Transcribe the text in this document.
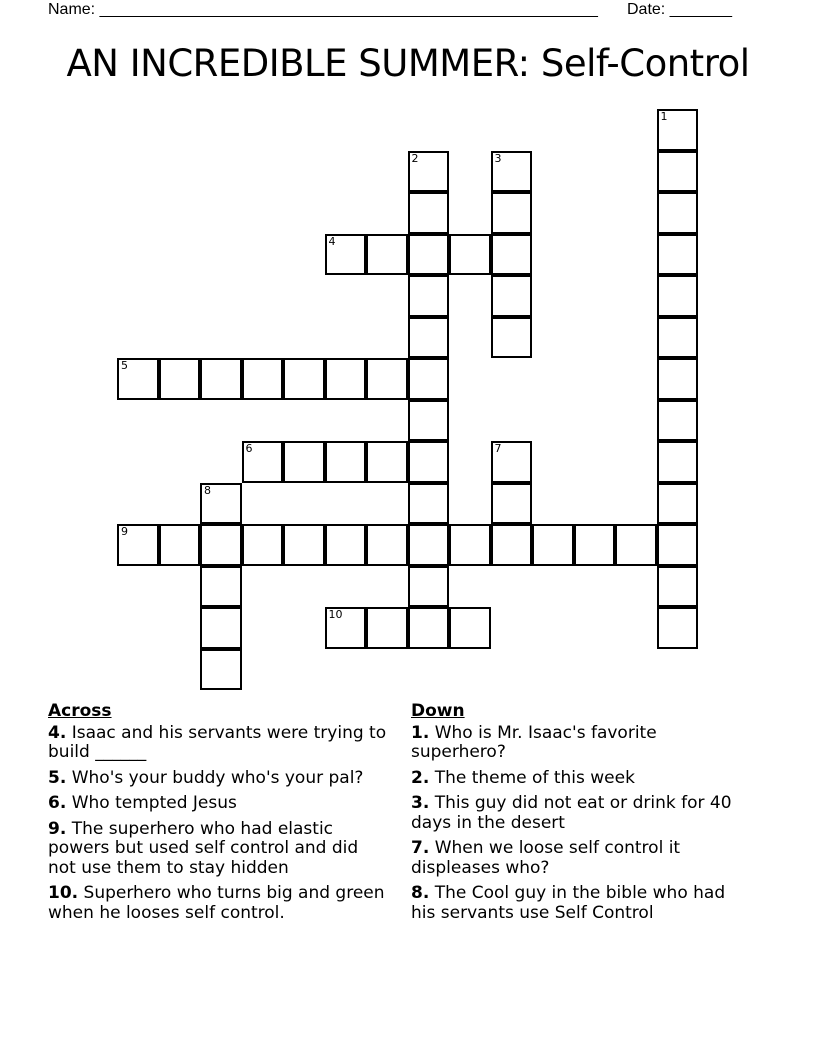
Name: ________________________________________________________ Date: _______
AN INCREDIBLE SUMMER: Self-Control
1
2	3
4
5
6	7
8
9
10
Across
4. Isaac and his servants were trying to build ______
5. Who's your buddy who's your pal?
6. Who tempted Jesus
9. The superhero who had elastic powers but used self control and did not use them to stay hidden
10. Superhero who turns big and green when he looses self control.
Down
1. Who is Mr. Isaac's favorite superhero?
2. The theme of this week
3. This guy did not eat or drink for 40 days in the desert
7. When we loose self control it displeases who?
8. The Cool guy in the bible who had his servants use Self Control
